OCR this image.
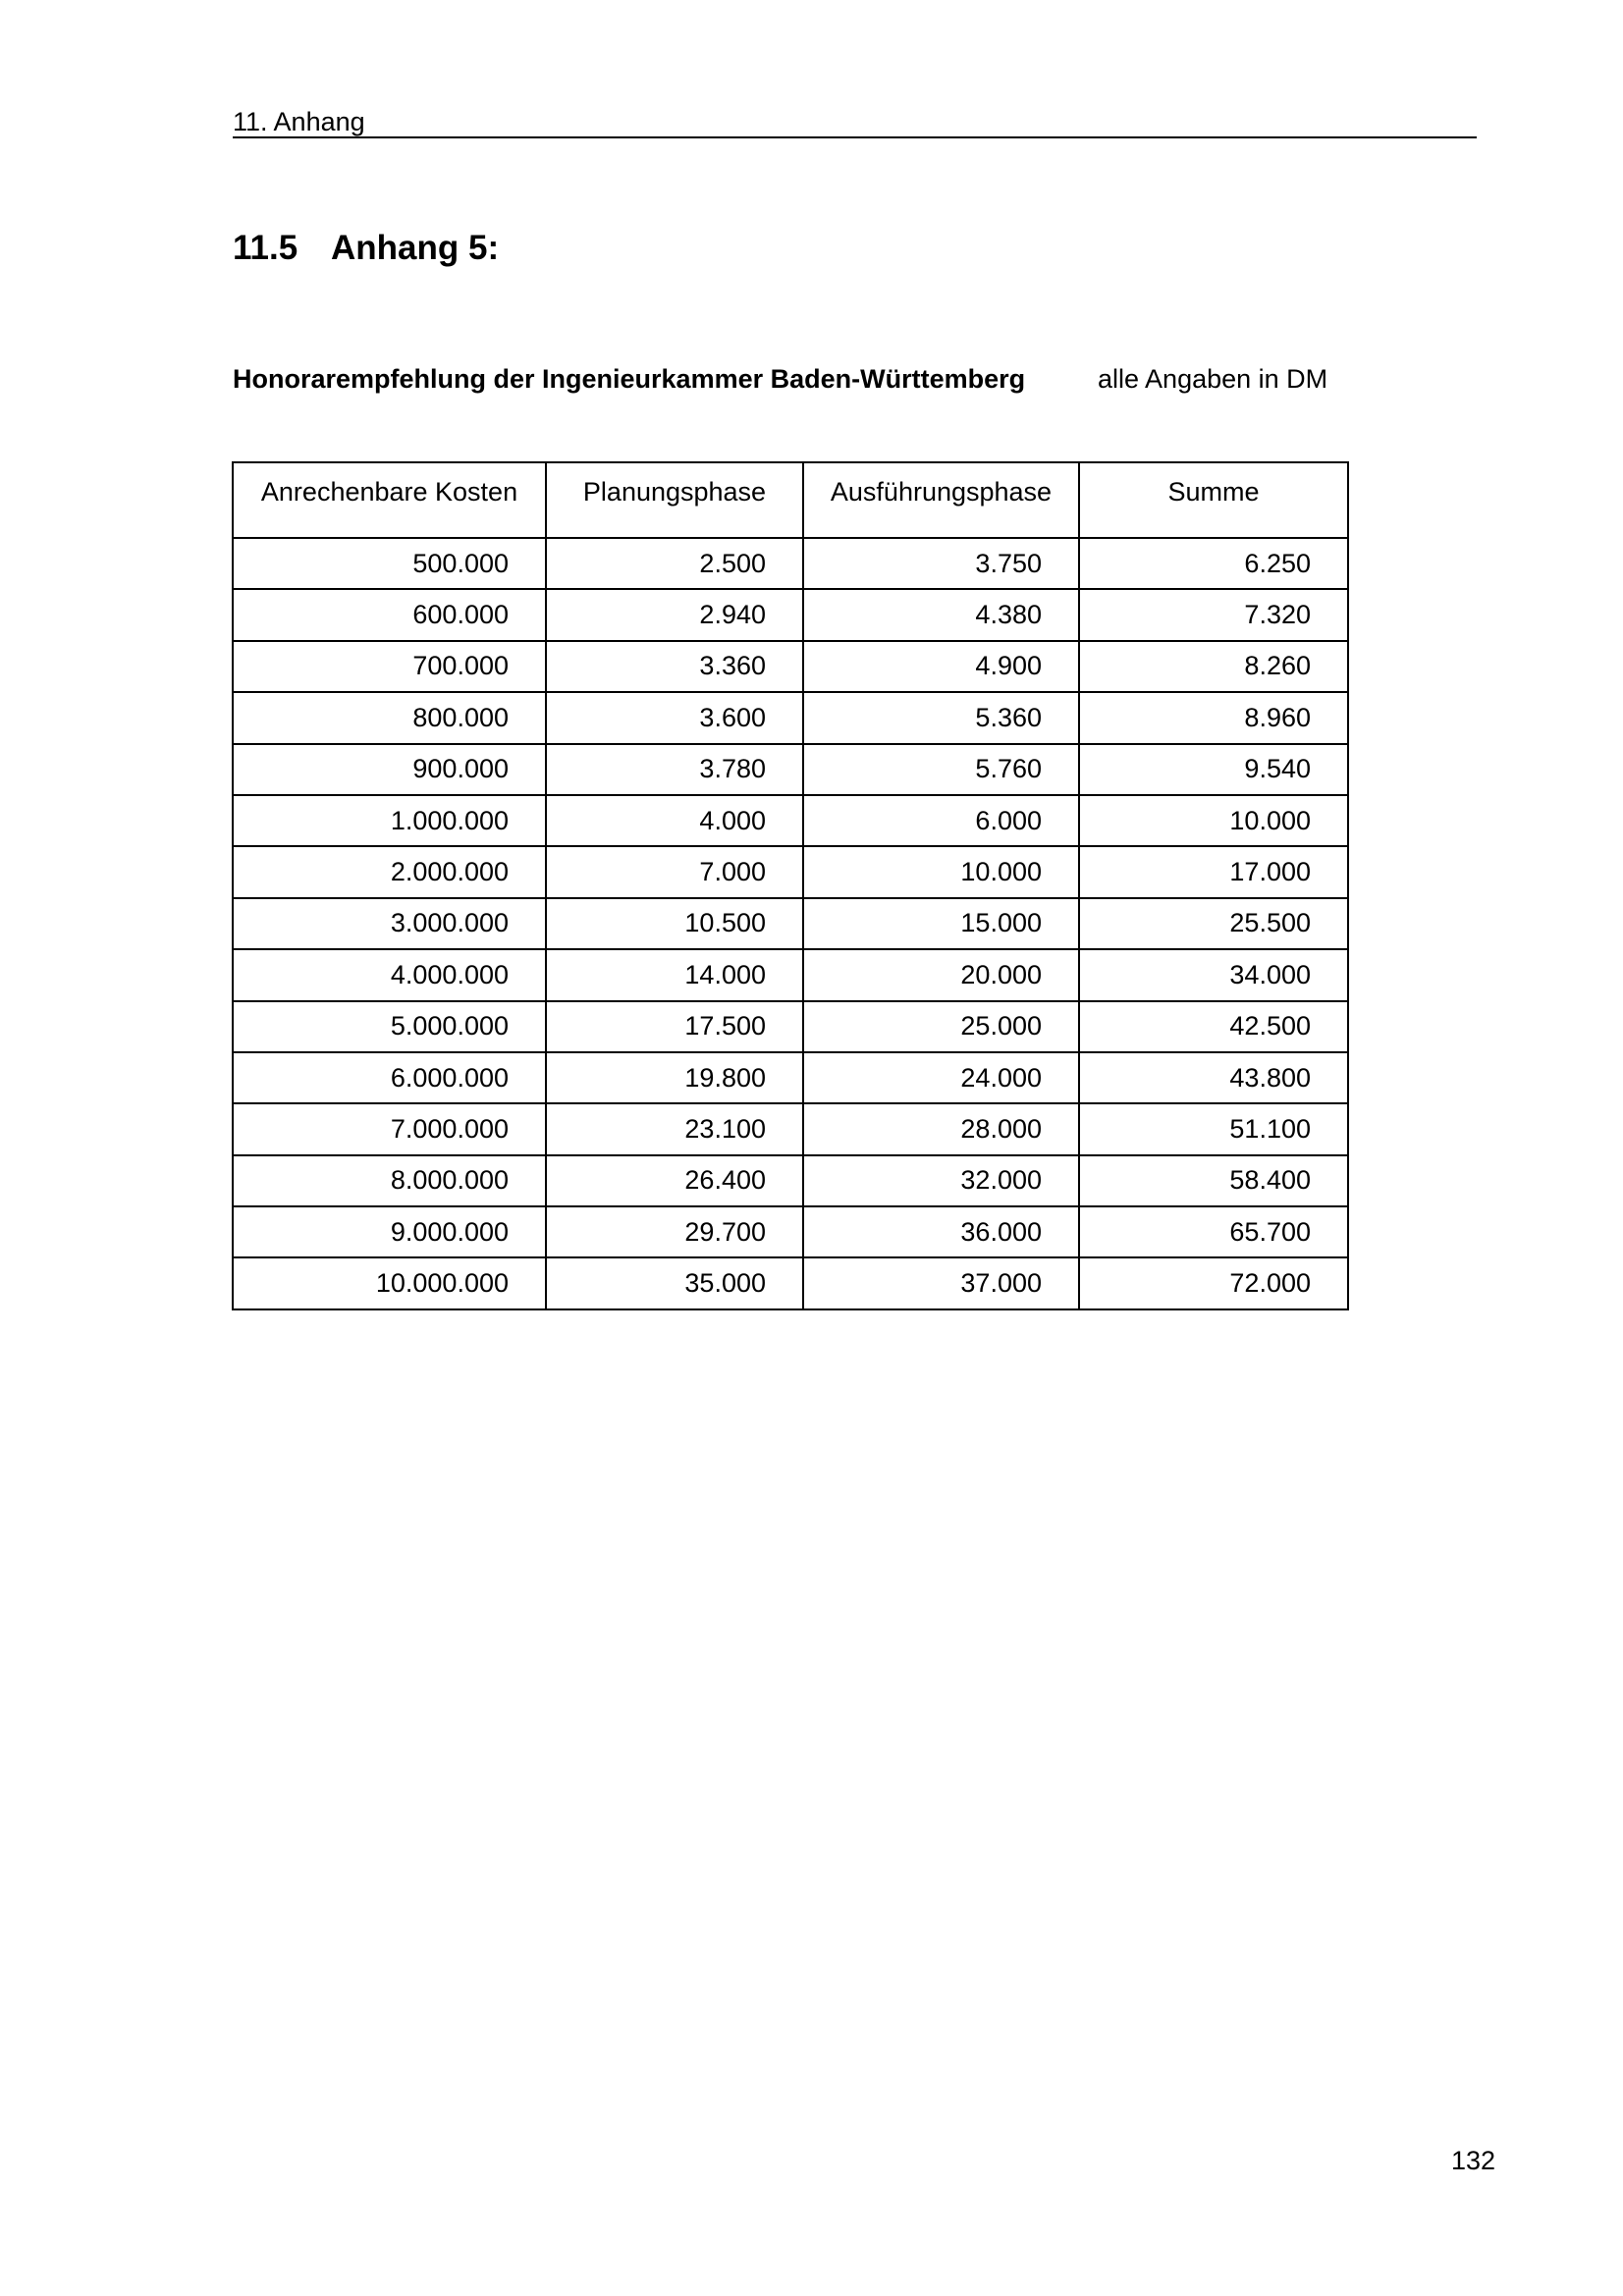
11. Anhang
11.5 Anhang 5:
Honorarempfehlung der Ingenieurkammer Baden-Württemberg	alle Angaben in DM
Anrechenbare Kosten	Planungsphase	Ausführungsphase	Summe
500.000	2.500	3.750	6.250
600.000	2.940	4.380	7.320
700.000	3.360	4.900	8.260
800.000	3.600	5.360	8.960
900.000	3.780	5.760	9.540
1.000.000	4.000	6.000	10.000
2.000.000	7.000	10.000	17.000
3.000.000	10.500	15.000	25.500
4.000.000	14.000	20.000	34.000
5.000.000	17.500	25.000	42.500
6.000.000	19.800	24.000	43.800
7.000.000	23.100	28.000	51.100
8.000.000	26.400	32.000	58.400
9.000.000	29.700	36.000	65.700
10.000.000	35.000	37.000	72.000
132
